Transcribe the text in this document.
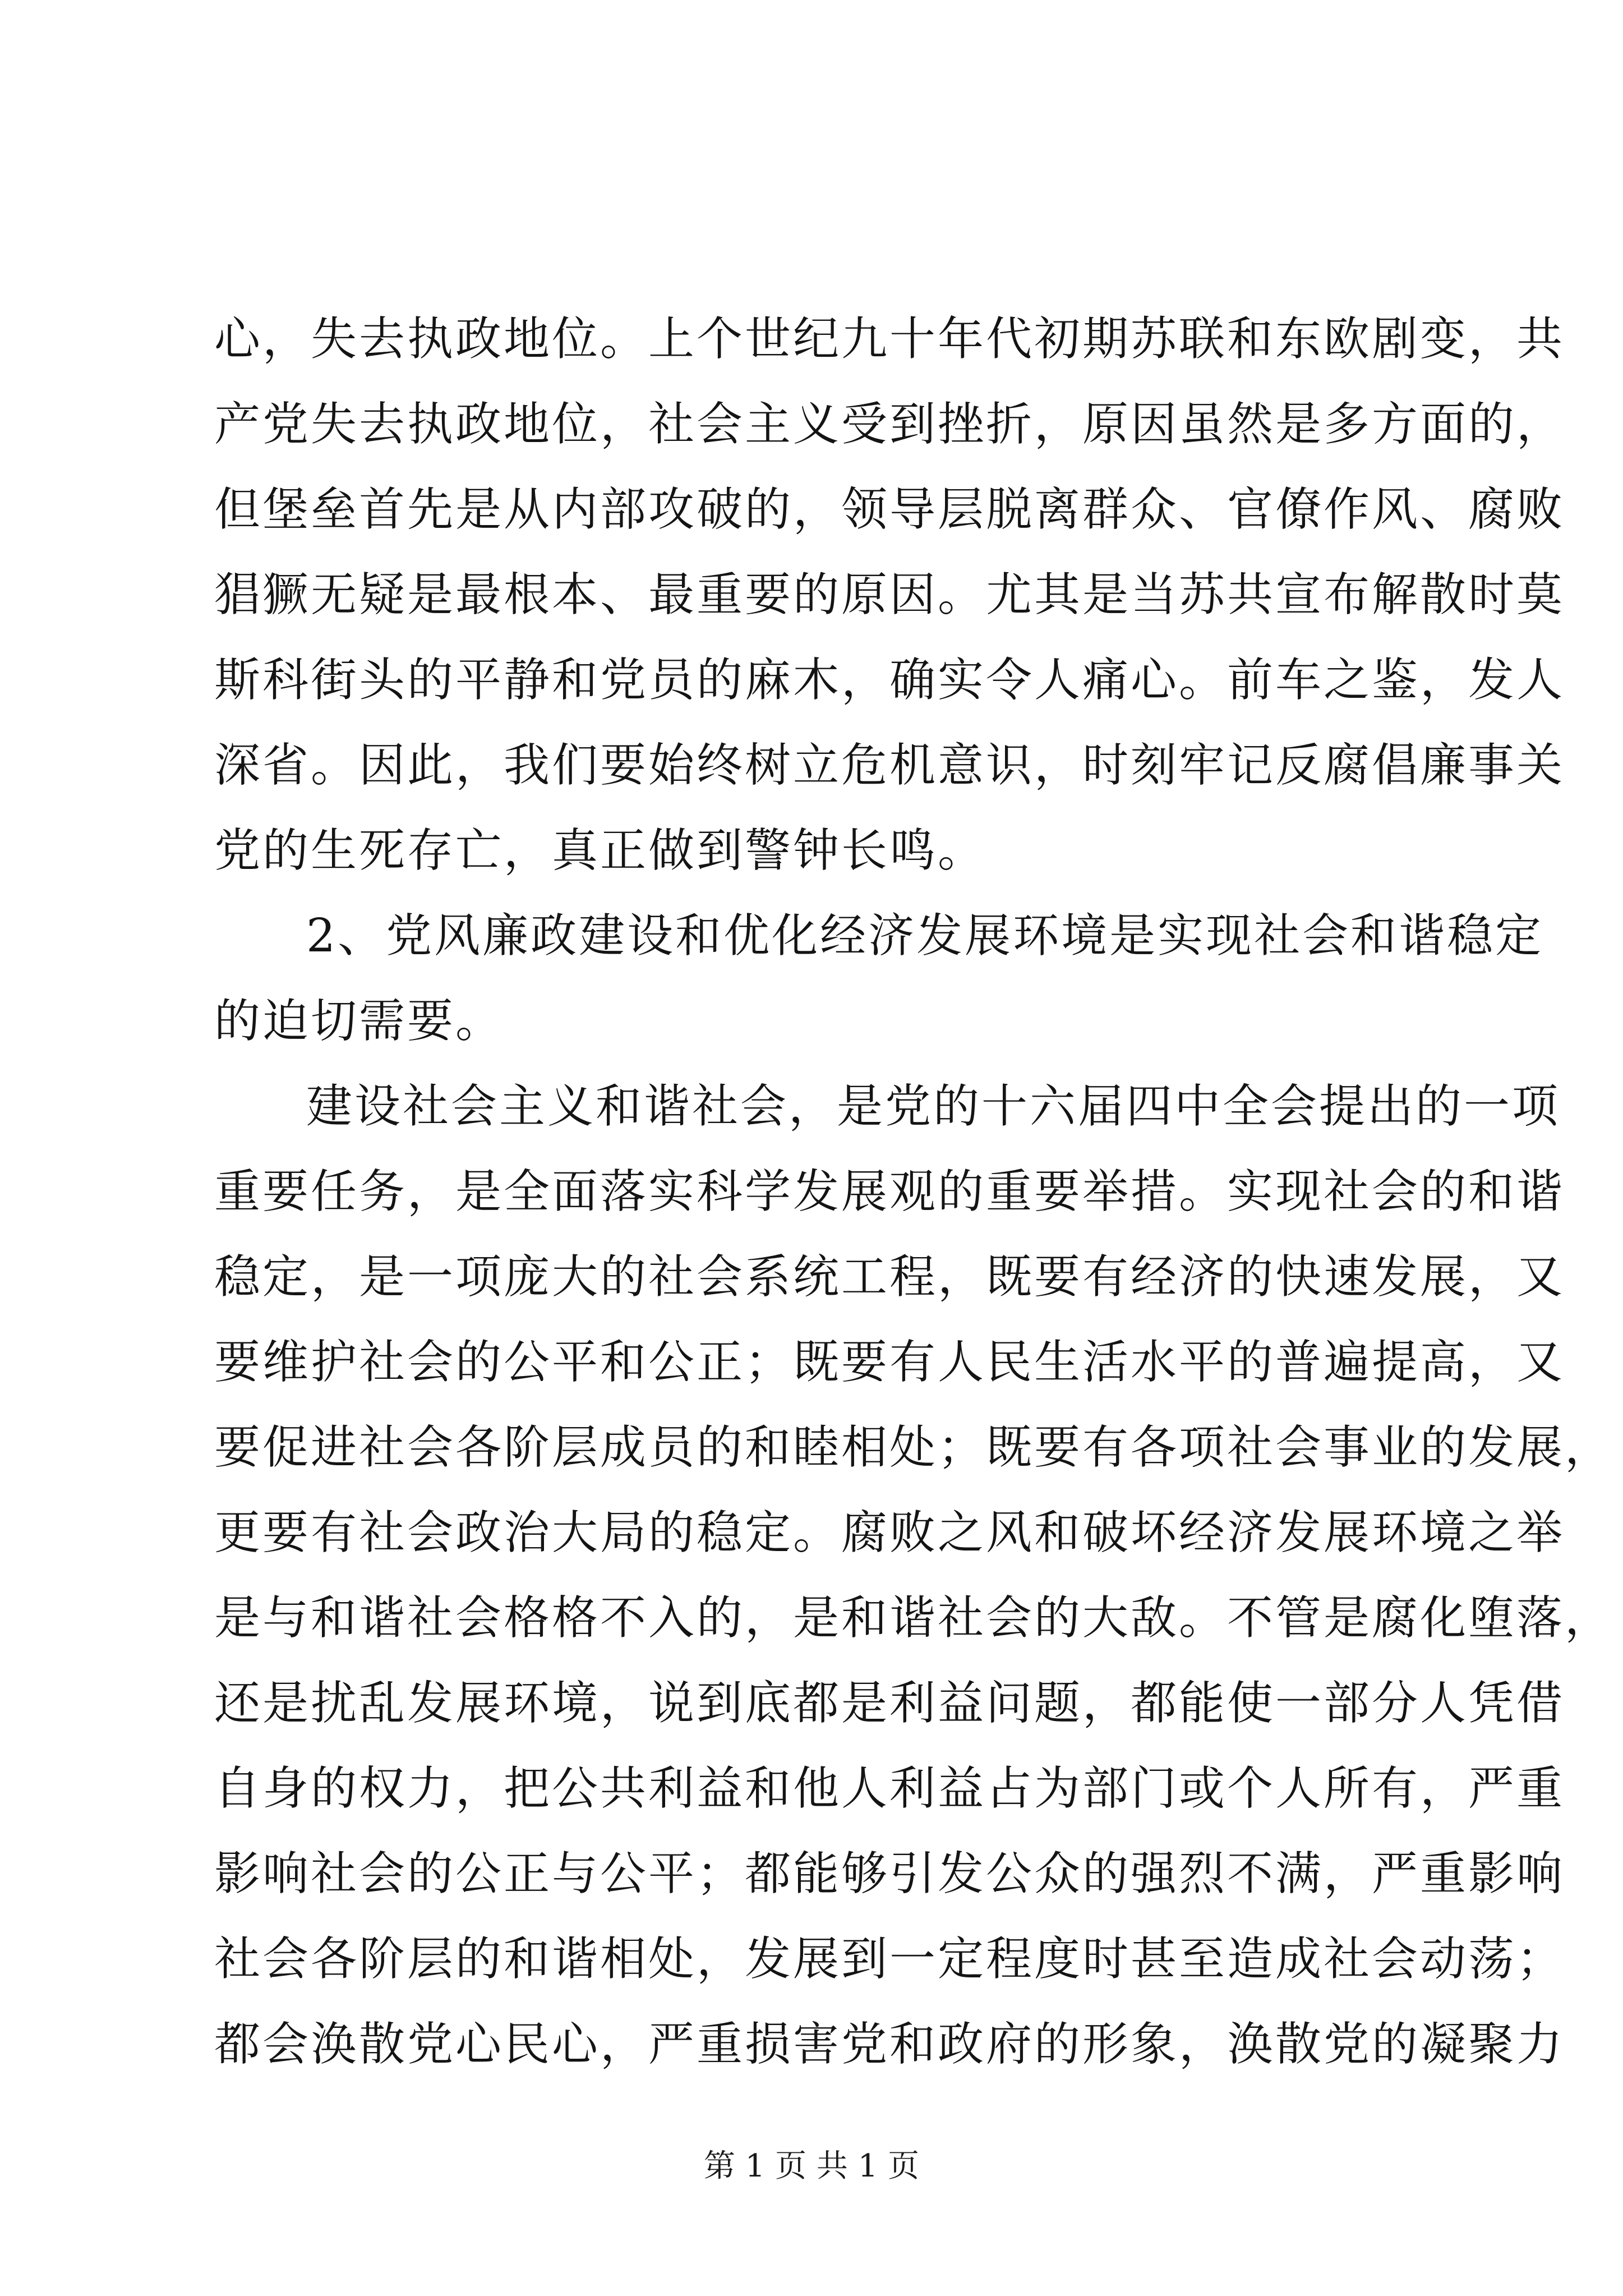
心，失去执政地位。上个世纪九十年代初期苏联和东欧剧变，共
产党失去执政地位，社会主义受到挫折，原因虽然是多方面的，
但堡垒首先是从内部攻破的，领导层脱离群众、官僚作风、腐败
猖獗无疑是最根本、最重要的原因。尤其是当苏共宣布解散时莫
斯科街头的平静和党员的麻木，确实令人痛心。前车之鉴，发人
深省。因此，我们要始终树立危机意识，时刻牢记反腐倡廉事关
党的生死存亡，真正做到警钟长鸣。
2、党风廉政建设和优化经济发展环境是实现社会和谐稳定
的迫切需要。
建设社会主义和谐社会，是党的十六届四中全会提出的一项
重要任务，是全面落实科学发展观的重要举措。实现社会的和谐
稳定，是一项庞大的社会系统工程，既要有经济的快速发展，又
要维护社会的公平和公正；既要有人民生活水平的普遍提高，又
要促进社会各阶层成员的和睦相处；既要有各项社会事业的发展，
更要有社会政治大局的稳定。腐败之风和破坏经济发展环境之举
是与和谐社会格格不入的，是和谐社会的大敌。不管是腐化堕落，
还是扰乱发展环境，说到底都是利益问题，都能使一部分人凭借
自身的权力，把公共利益和他人利益占为部门或个人所有，严重
影响社会的公正与公平；都能够引发公众的强烈不满，严重影响
社会各阶层的和谐相处，发展到一定程度时甚至造成社会动荡；
都会涣散党心民心，严重损害党和政府的形象，涣散党的凝聚力
第 1 页 共 1 页
